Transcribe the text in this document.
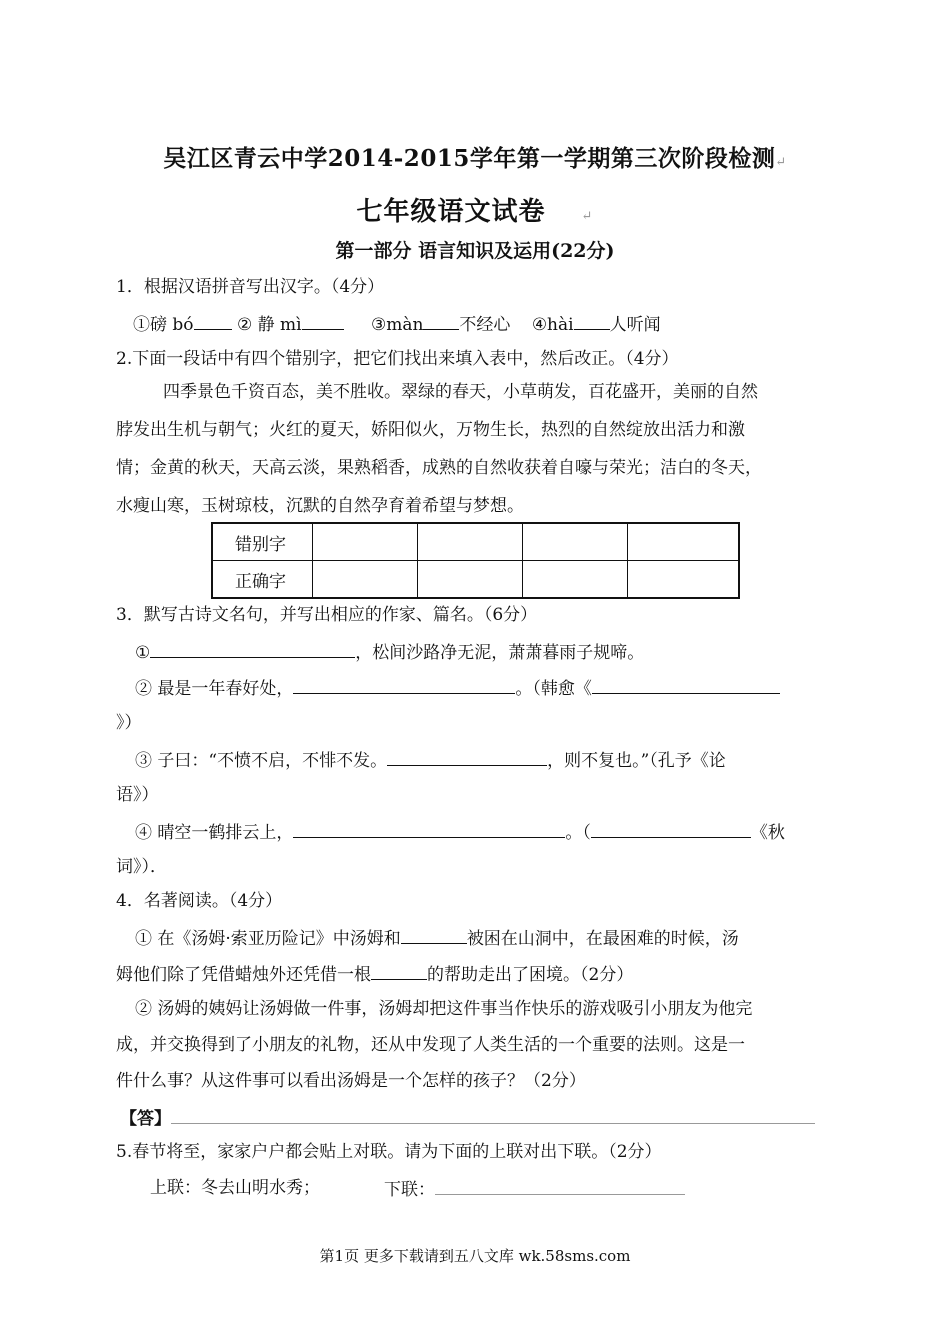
吴江区青云中学2014-2015学年第一学期第三次阶段检测↵
七年级语文试卷	↵
第一部分 语言知识及运用(22分)
1．根据汉语拼音写出汉字。（4分）
①磅 bó	② 静 mì	③màn 不经心 ④hài 人听闻
2.下面一段话中有四个错别字，把它们找出来填入表中，然后改正。（4分）
四季景色千资百态，美不胜收。翠绿的春天，小草萌发，百花盛开，美丽的自然
脖发出生机与朝气；火红的夏天，娇阳似火，万物生长，热烈的自然绽放出活力和激
情；金黄的秋天，天高云淡，果熟稻香，成熟的自然收获着自嚎与荣光；洁白的冬天，
水瘦山寒，玉树琼枝，沉默的自然孕育着希望与梦想。
错别字				
正确字				
3．默写古诗文名句，并写出相应的作家、篇名。（6分）
①	，松间沙路净无泥，萧萧暮雨子规啼。
② 最是一年春好处，	。（韩愈《
》）
③ 子曰：“不愤不启，不悱不发。	，则不复也。”（孔予《论
语》）
④ 晴空一鹤排云上，	。（	《秋
词》）．
4．名著阅读。（4分）
① 在《汤姆·索亚历险记》中汤姆和	被困在山洞中，在最困难的时候，汤
姆他们除了凭借蜡烛外还凭借一根	的帮助走出了困境。（2分）
② 汤姆的姨妈让汤姆做一件事，汤姆却把这件事当作快乐的游戏吸引小朋友为他完
成，并交换得到了小朋友的礼物，还从中发现了人类生活的一个重要的法则。这是一
件什么事？从这件事可以看出汤姆是一个怎样的孩子？（2分）
【答】
5.春节将至，家家户户都会贴上对联。请为下面的上联对出下联。（2分）
上联：冬去山明水秀；	下联：
第1页 更多下载请到五八文库 wk.58sms.com
